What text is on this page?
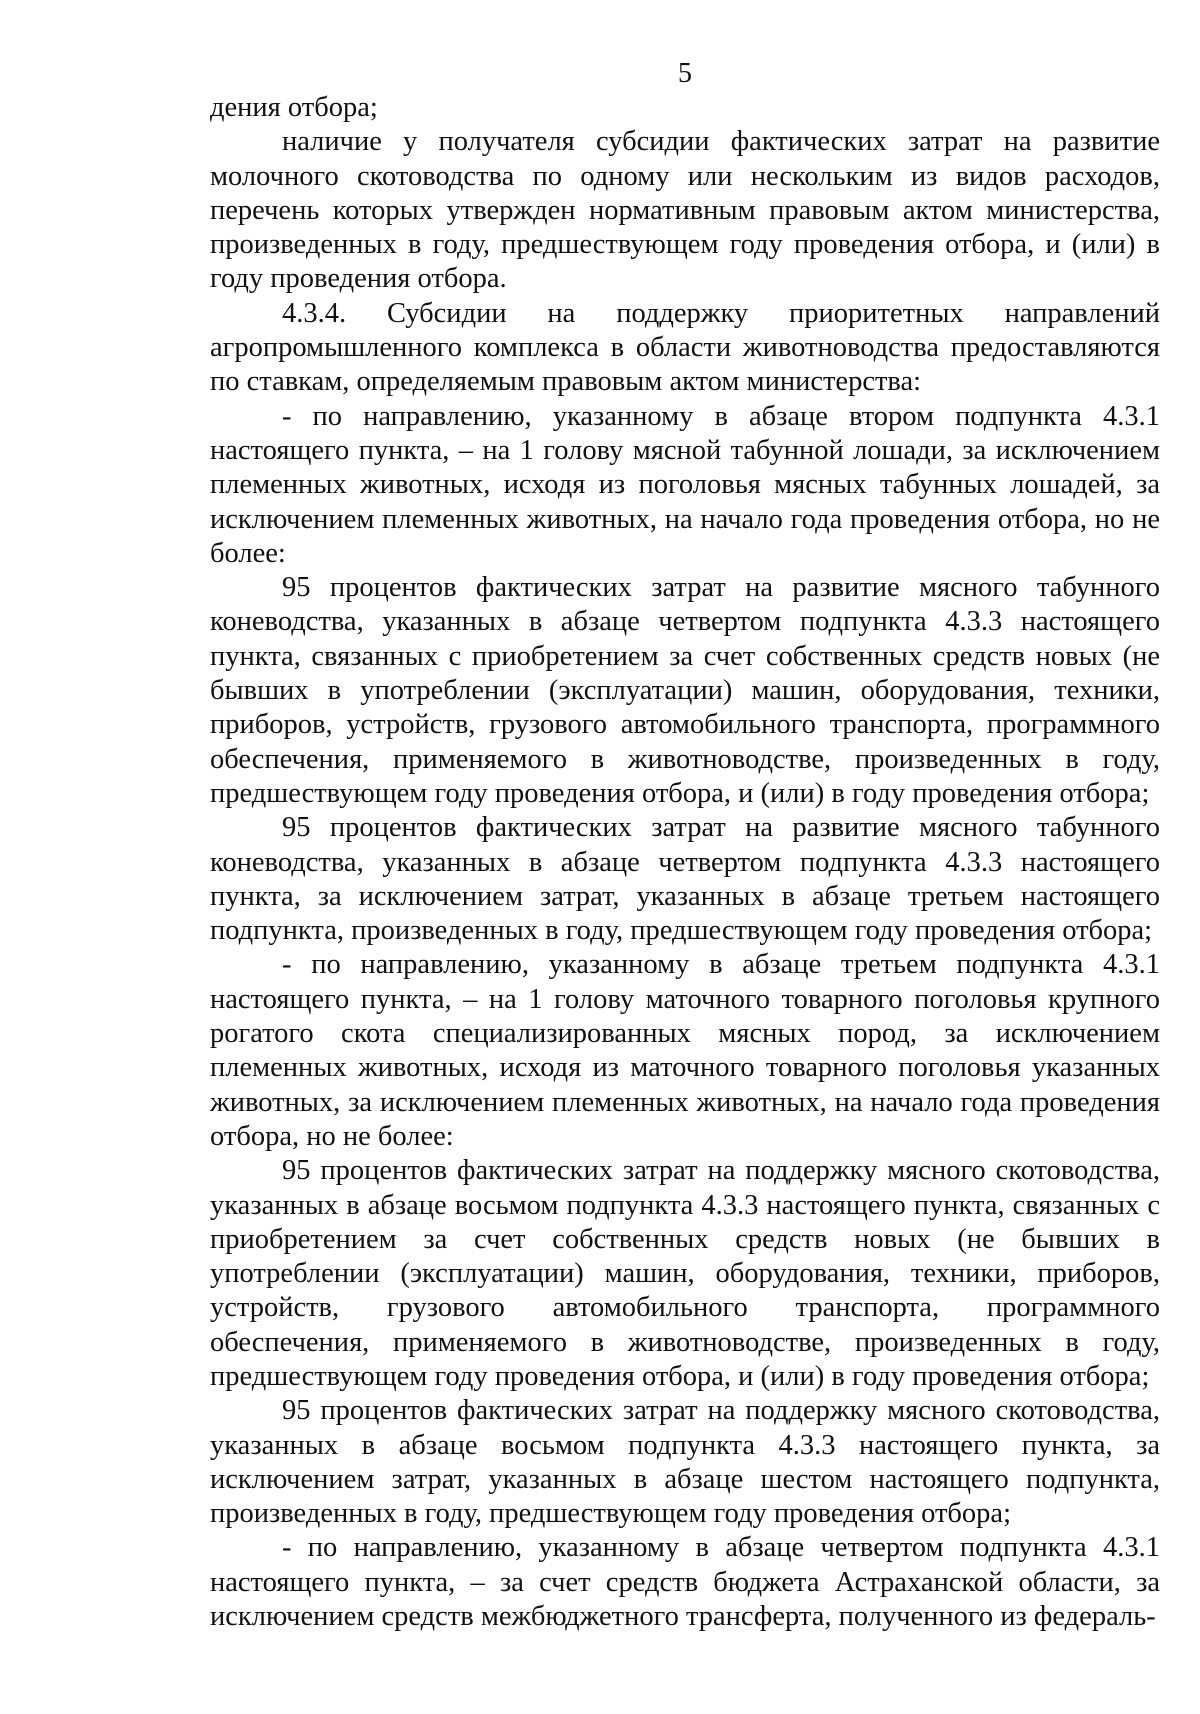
5

дения отбора;

наличие у получателя субсидии фактических затрат на развитие молочного скотоводства по одному или нескольким из видов расходов, перечень которых утвержден нормативным правовым актом министерства, произведенных в году, предшествующем году проведения отбора, и (или) в году проведения отбора.

4.3.4. Субсидии на поддержку приоритетных направлений агропромышленного комплекса в области животноводства предоставляются по ставкам, определяемым правовым актом министерства:

- по направлению, указанному в абзаце втором подпункта 4.3.1 настоящего пункта, – на 1 голову мясной табунной лошади, за исключением племенных животных, исходя из поголовья мясных табунных лошадей, за исключением племенных животных, на начало года проведения отбора, но не более:

95 процентов фактических затрат на развитие мясного табунного коневодства, указанных в абзаце четвертом подпункта 4.3.3 настоящего пункта, связанных с приобретением за счет собственных средств новых (не бывших в употреблении (эксплуатации) машин, оборудования, техники, приборов, устройств, грузового автомобильного транспорта, программного обеспечения, применяемого в животноводстве, произведенных в году, предшествующем году проведения отбора, и (или) в году проведения отбора;

95 процентов фактических затрат на развитие мясного табунного коневодства, указанных в абзаце четвертом подпункта 4.3.3 настоящего пункта, за исключением затрат, указанных в абзаце третьем настоящего подпункта, произведенных в году, предшествующем году проведения отбора;

- по направлению, указанному в абзаце третьем подпункта 4.3.1 настоящего пункта, – на 1 голову маточного товарного поголовья крупного рогатого скота специализированных мясных пород, за исключением племенных животных, исходя из маточного товарного поголовья указанных животных, за исключением племенных животных, на начало года проведения отбора, но не более:

95 процентов фактических затрат на поддержку мясного скотоводства, указанных в абзаце восьмом подпункта 4.3.3 настоящего пункта, связанных с приобретением за счет собственных средств новых (не бывших в употреблении (эксплуатации) машин, оборудования, техники, приборов, устройств, грузового автомобильного транспорта, программного обеспечения, применяемого в животноводстве, произведенных в году, предшествующем году проведения отбора, и (или) в году проведения отбора;

95 процентов фактических затрат на поддержку мясного скотоводства, указанных в абзаце восьмом подпункта 4.3.3 настоящего пункта, за исключением затрат, указанных в абзаце шестом настоящего подпункта, произведенных в году, предшествующем году проведения отбора;

- по направлению, указанному в абзаце четвертом подпункта 4.3.1 настоящего пункта, – за счет средств бюджета Астраханской области, за исключением средств межбюджетного трансферта, полученного из федераль-
